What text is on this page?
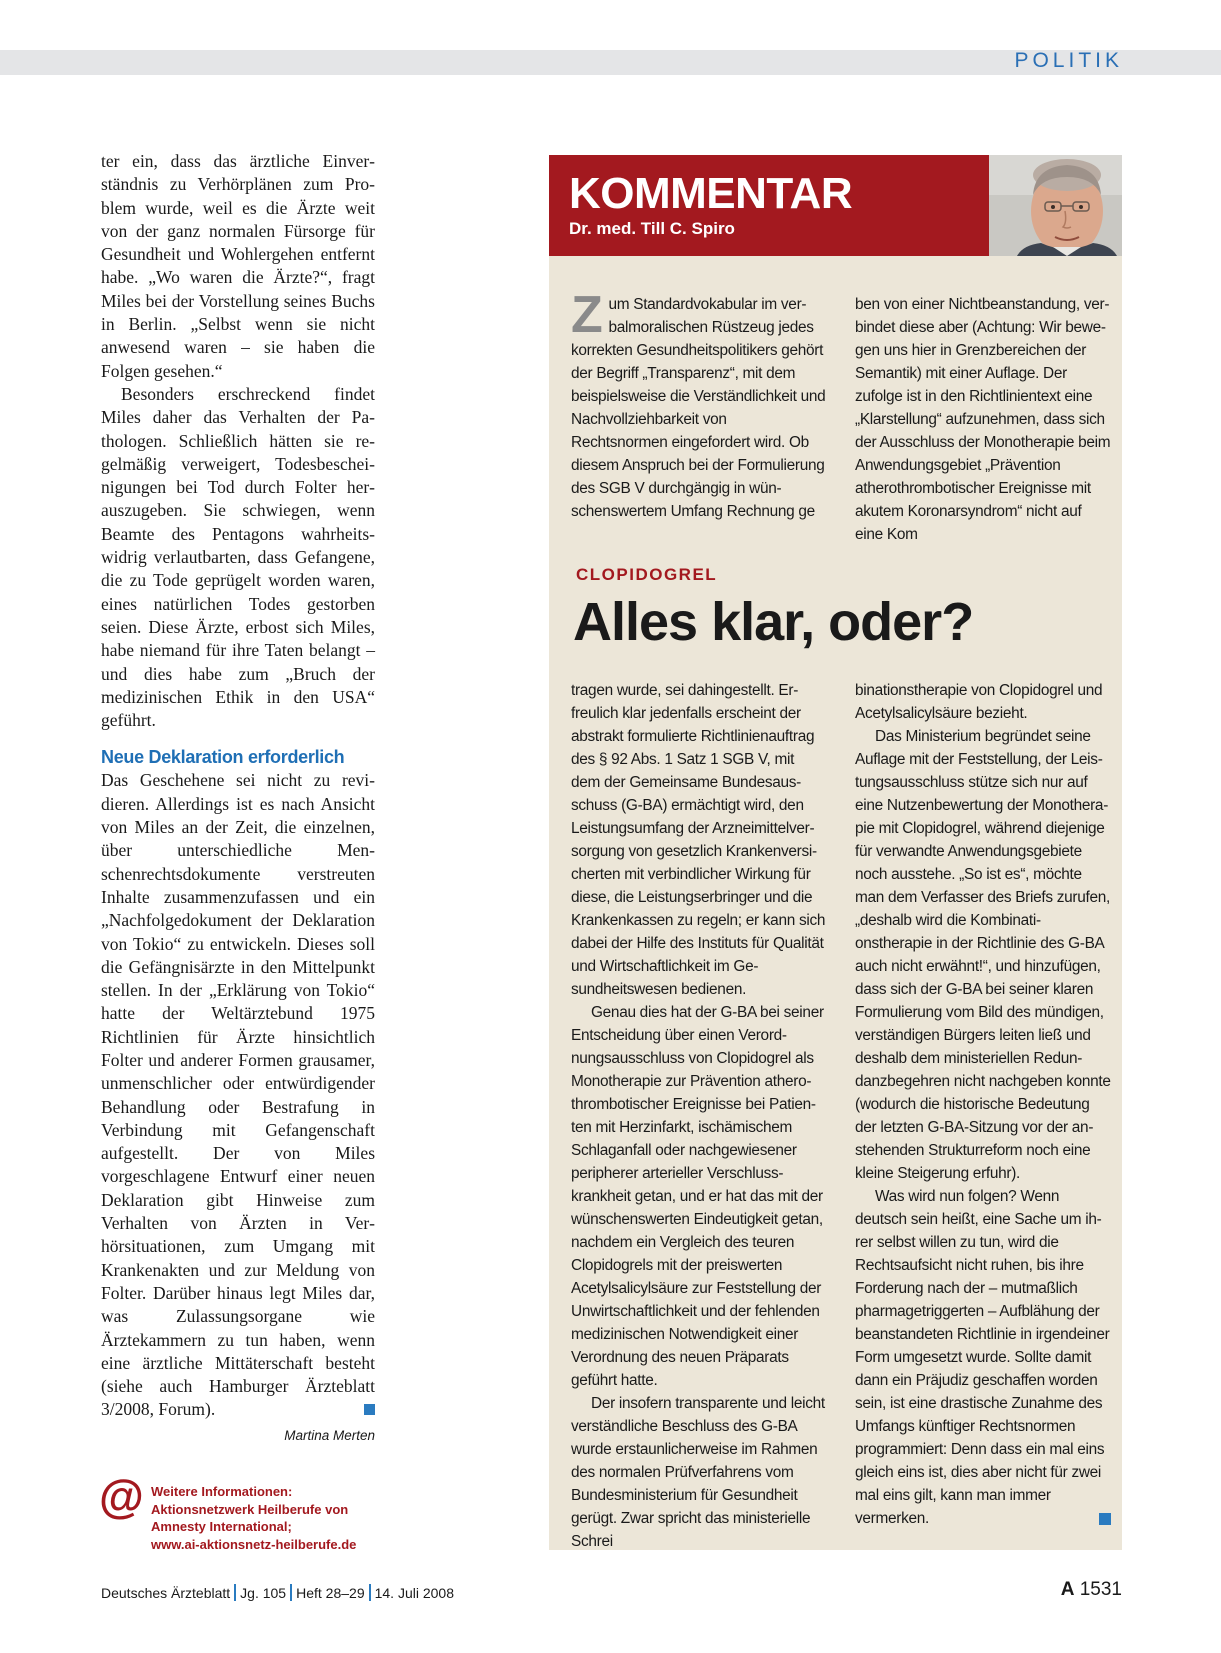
POLITIK

ter ein, dass das ärztliche Einverständnis zu Verhörplänen zum Problem wurde, weil es die Ärzte weit von der ganz normalen Fürsorge für Gesundheit und Wohlergehen entfernt habe. „Wo waren die Ärzte?“, fragt Miles bei der Vorstellung seines Buchs in Berlin. „Selbst wenn sie nicht anwesend waren – sie haben die Folgen gesehen.“

Besonders erschreckend findet Miles daher das Verhalten der Pathologen. Schließlich hätten sie regelmäßig verweigert, Todesbescheinigungen bei Tod durch Folter herauszugeben. Sie schwiegen, wenn Beamte des Pentagons wahrheitswidrig verlautbarten, dass Gefangene, die zu Tode geprügelt worden waren, eines natürlichen Todes gestorben seien. Diese Ärzte, erbost sich Miles, habe niemand für ihre Taten belangt – und dies habe zum „Bruch der medizinischen Ethik in den USA“ geführt.

Neue Deklaration erforderlich

Das Geschehene sei nicht zu revidieren. Allerdings ist es nach Ansicht von Miles an der Zeit, die einzelnen, über unterschiedliche Menschenrechtsdokumente verstreuten Inhalte zusammenzufassen und ein „Nachfolgedokument der Deklaration von Tokio“ zu entwickeln. Dieses soll die Gefängnisärzte in den Mittelpunkt stellen. In der „Erklärung von Tokio“ hatte der Weltärztebund 1975 Richtlinien für Ärzte hinsichtlich Folter und anderer Formen grausamer, unmenschlicher oder entwürdigender Behandlung oder Bestrafung in Verbindung mit Gefangenschaft aufgestellt. Der von Miles vorgeschlagene Entwurf einer neuen Deklaration gibt Hinweise zum Verhalten von Ärzten in Verhörsituationen, zum Umgang mit Krankenakten und zur Meldung von Folter. Darüber hinaus legt Miles dar, was Zulassungsorgane wie Ärztekammern zu tun haben, wenn eine ärztliche Mittäterschaft besteht (siehe auch Hamburger Ärzteblatt 3/2008, Forum).

Martina Merten
@ Weitere Informationen:
Aktionsnetzwerk Heilberufe von
Amnesty International;
www.ai-aktionsnetz-heilberufe.de
KOMMENTAR
Dr. med. Till C. Spiro
Zum Standardvokabular im verbalmoralischen Rüstzeug jedes korrekten Gesundheitspolitikers gehört der Begriff „Transparenz“, mit dem beispielsweise die Verständlichkeit und Nachvollziehbarkeit von Rechtsnormen eingefordert wird. Ob diesem Anspruch bei der Formulierung des SGB V durchgängig in wünschenswertem Umfang Rechnung ge
ben von einer Nichtbeanstandung, verbindet diese aber (Achtung: Wir bewegen uns hier in Grenzbereichen der Semantik) mit einer Auflage. Der zufolge ist in den Richtlinientext eine „Klarstellung“ aufzunehmen, dass sich der Ausschluss der Monotherapie beim Anwendungsgebiet „Prävention atherothrombotischer Ereignisse mit akutem Koronarsyndrom“ nicht auf eine Kom
CLOPIDOGREL
Alles klar, oder?

tragen wurde, sei dahingestellt. Erfreulich klar jedenfalls erscheint der abstrakt formulierte Richtlinienauftrag des § 92 Abs. 1 Satz 1 SGB V, mit dem der Gemeinsame Bundesausschuss (G-BA) ermächtigt wird, den Leistungsumfang der Arzneimittelversorgung von gesetzlich Krankenversicherten mit verbindlicher Wirkung für diese, die Leistungserbringer und die Krankenkassen zu regeln; er kann sich dabei der Hilfe des Instituts für Qualität und Wirtschaftlichkeit im Gesundheitswesen bedienen.

Genau dies hat der G-BA bei seiner Entscheidung über einen Verordnungsausschluss von Clopidogrel als Monotherapie zur Prävention atherothrombotischer Ereignisse bei Patienten mit Herzinfarkt, ischämischem Schlaganfall oder nachgewiesener peripherer arterieller Verschlusskrankheit getan, und er hat das mit der wünschenswerten Eindeutigkeit getan, nachdem ein Vergleich des teuren Clopidogrels mit der preiswerten Acetylsalicylsäure zur Feststellung der Unwirtschaftlichkeit und der fehlenden medizinischen Notwendigkeit einer Verordnung des neuen Präparats geführt hatte.

Der insofern transparente und leicht verständliche Beschluss des G-BA wurde erstaunlicherweise im Rahmen des normalen Prüfverfahrens vom Bundesministerium für Gesundheit gerügt. Zwar spricht das ministerielle Schrei

binationstherapie von Clopidogrel und Acetylsalicylsäure bezieht.

Das Ministerium begründet seine Auflage mit der Feststellung, der Leistungsausschluss stütze sich nur auf eine Nutzenbewertung der Monotherapie mit Clopidogrel, während diejenige für verwandte Anwendungsgebiete noch ausstehe. „So ist es“, möchte man dem Verfasser des Briefs zurufen, „deshalb wird die Kombinationstherapie in der Richtlinie des G-BA auch nicht erwähnt!“, und hinzufügen, dass sich der G-BA bei seiner klaren Formulierung vom Bild des mündigen, verständigen Bürgers leiten ließ und deshalb dem ministeriellen Redundanzbegehren nicht nachgeben konnte (wodurch die historische Bedeutung der letzten G-BA-Sitzung vor der anstehenden Strukturreform noch eine kleine Steigerung erfuhr).

Was wird nun folgen? Wenn deutsch sein heißt, eine Sache um ihrer selbst willen zu tun, wird die Rechtsaufsicht nicht ruhen, bis ihre Forderung nach der – mutmaßlich pharmagetriggerten – Aufblähung der beanstandeten Richtlinie in irgendeiner Form umgesetzt wurde. Sollte damit dann ein Präjudiz geschaffen worden sein, ist eine drastische Zunahme des Umfangs künftiger Rechtsnormen programmiert: Denn dass ein mal eins gleich eins ist, dies aber nicht für zwei mal eins gilt, kann man immer vermerken.

Deutsches Ärzteblatt Jg. 105 Heft 28–29 14. Juli 2008	A 1531
